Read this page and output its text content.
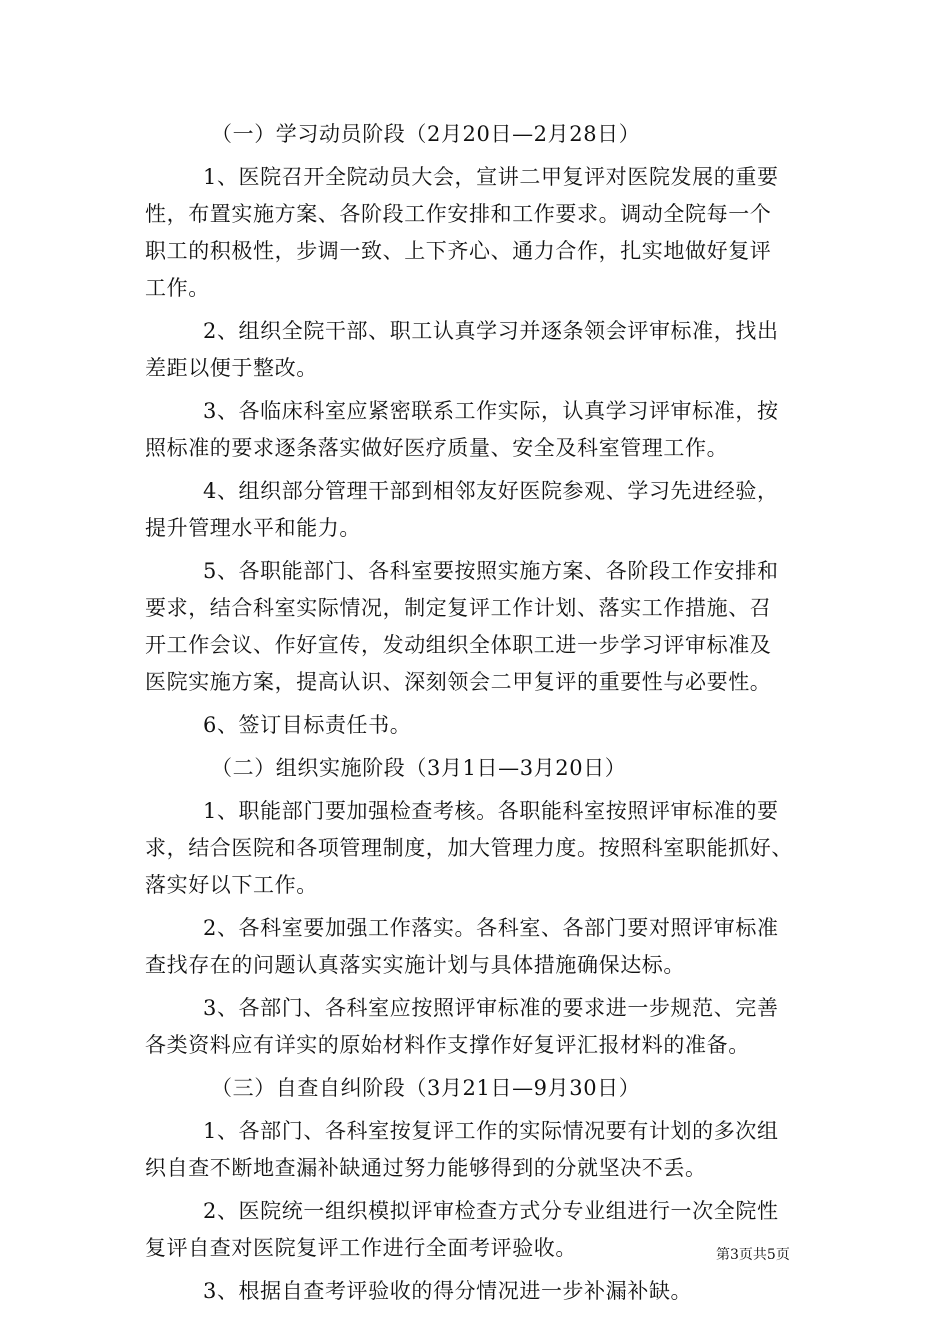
（一）学习动员阶段（2月20日—2月28日）
1、医院召开全院动员大会，宣讲二甲复评对医院发展的重要
性，布置实施方案、各阶段工作安排和工作要求。调动全院每一个
职工的积极性，步调一致、上下齐心、通力合作，扎实地做好复评
工作。
2、组织全院干部、职工认真学习并逐条领会评审标准，找出
差距以便于整改。
3、各临床科室应紧密联系工作实际，认真学习评审标准，按
照标准的要求逐条落实做好医疗质量、安全及科室管理工作。
4、组织部分管理干部到相邻友好医院参观、学习先进经验，
提升管理水平和能力。
5、各职能部门、各科室要按照实施方案、各阶段工作安排和
要求，结合科室实际情况，制定复评工作计划、落实工作措施、召
开工作会议、作好宣传，发动组织全体职工进一步学习评审标准及
医院实施方案，提高认识、深刻领会二甲复评的重要性与必要性。
6、签订目标责任书。
（二）组织实施阶段（3月1日—3月20日）
1、职能部门要加强检查考核。各职能科室按照评审标准的要
求，结合医院和各项管理制度，加大管理力度。按照科室职能抓好、
落实好以下工作。
2、各科室要加强工作落实。各科室、各部门要对照评审标准
查找存在的问题认真落实实施计划与具体措施确保达标。
3、各部门、各科室应按照评审标准的要求进一步规范、完善
各类资料应有详实的原始材料作支撑作好复评汇报材料的准备。
（三）自查自纠阶段（3月21日—9月30日）
1、各部门、各科室按复评工作的实际情况要有计划的多次组
织自查不断地查漏补缺通过努力能够得到的分就坚决不丢。
2、医院统一组织模拟评审检查方式分专业组进行一次全院性
复评自查对医院复评工作进行全面考评验收。
3、根据自查考评验收的得分情况进一步补漏补缺。
第3页共5页
